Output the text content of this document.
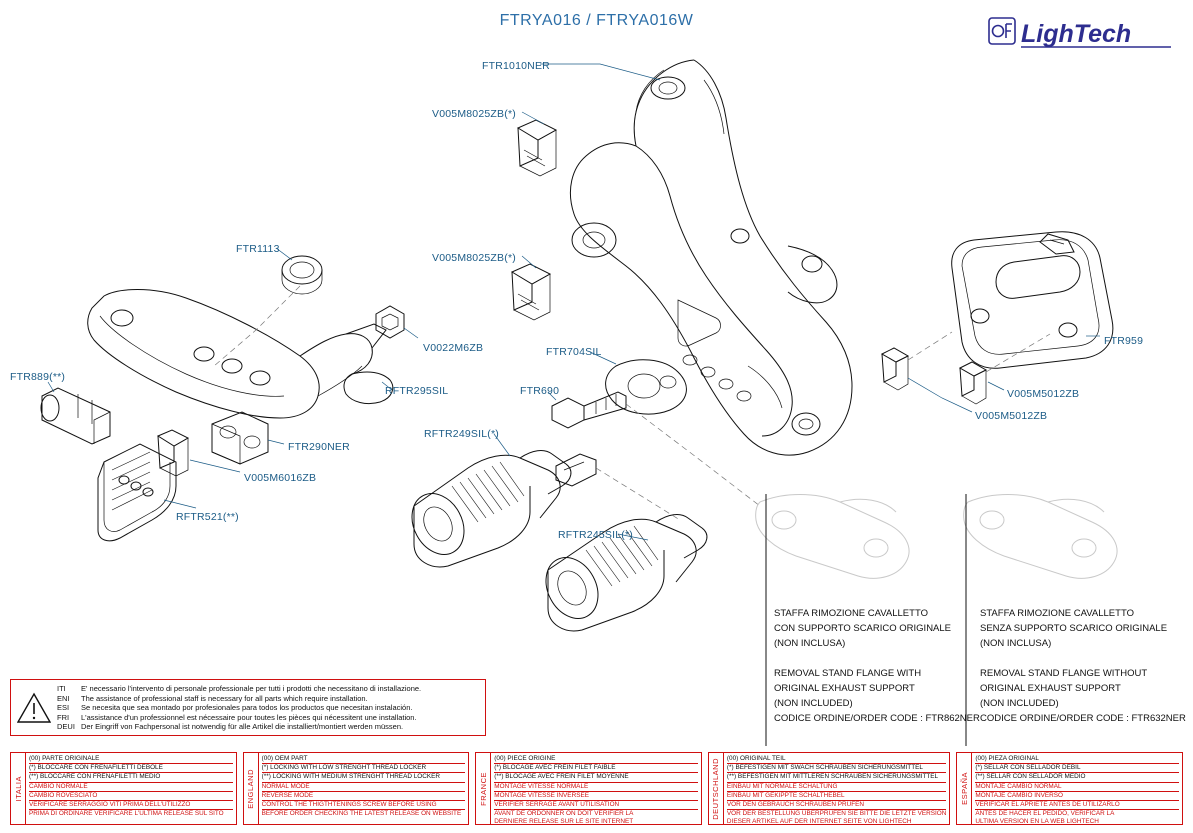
FTRYA016 / FTRYA016W	LighTech
FTR1010NER
V005M8025ZB(*)
V005M8025ZB(*)
FTR1113
V0022M6ZB
RFTR295SIL
FTR889(**)
FTR290NER
V005M6016ZB
RFTR521(**)
FTR704SIL
FTR690
RFTR249SIL(*)
RFTR245SIL(*)
FTR959
V005M5012ZB
V005M5012ZB
STAFFA RIMOZIONE CAVALLETTO
CON SUPPORTO SCARICO ORIGINALE
(NON INCLUSA)

REMOVAL STAND FLANGE WITH
ORIGINAL EXHAUST SUPPORT
(NON INCLUDED)
CODICE ORDINE/ORDER CODE : FTR862NER
STAFFA RIMOZIONE CAVALLETTO
SENZA SUPPORTO SCARICO ORIGINALE
(NON INCLUSA)

REMOVAL STAND FLANGE WITHOUT
ORIGINAL EXHAUST SUPPORT
(NON INCLUDED)
CODICE ORDINE/ORDER CODE : FTR632NER
ITI E' necessario l'intervento di personale professionale per tutti i prodotti che necessitano di installazione.
ENI The assistance of professional staff is necessary for all parts which require installation.
ESI Se necesita que sea montado por profesionales para todos los productos que necesitan instalación.
FRI L'assistance d'un professionnel est nécessaire pour toutes les pièces qui nécessitent une installation.
DEUI Der Eingriff von Fachpersonal ist notwendig für alle Artikel die installiert/montiert werden müssen.
ITALIA
(00) PARTE ORIGINALE
(*) BLOCCARE CON FRENAFILETTI DEBOLE
(**) BLOCCARE CON FRENAFILETTI MEDIO
CAMBIO NORMALE
CAMBIO ROVESCIATO
VERIFICARE SERRAGGIO VITI PRIMA DELL'UTILIZZO
PRIMA DI ORDINARE VERIFICARE L'ULTIMA RELEASE SUL SITO
ENGLAND
(00) OEM PART
(*) LOCKING WITH LOW STRENGHT THREAD LOCKER
(**) LOCKING WITH MEDIUM STRENGHT THREAD LOCKER
NORMAL MODE
REVERSE MODE
CONTROL THE THIGTHTENINGS SCREW BEFORE USING
BEFORE ORDER CHECKING THE LATEST RELEASE ON WEBSITE
FRANCE
(00) PIECE ORIGINE
(*) BLOCAGE AVEC FREIN FILET FAIBLE
(**) BLOCAGE AVEC FREIN FILET MOYENNE
MONTAGE VITESSE NORMALE
MONTAGE VITESSE INVERSEE
VERIFIER SERRAGE AVANT UTILISATION
AVANT DE ORDONNER ON DOIT VERIFIER LA
DERNIERE RELEASE SUR LE SITE INTERNET
DEUTSCHLAND (00) ORIGINAL TEIL
(*) BEFESTIGEN MIT SWACH SCHRAUBEN SICHERUNGSMITTEL
(**) BEFESTIGEN MIT MITTLEREN SCHRAUBEN SICHERUNGSMITTEL
EINBAU MIT NORMALE SCHALTUNG
EINBAU MIT GEKIPPTE SCHALTHEBEL
VOR DEN GEBRAUCH SCHRAUBEN PRÜFEN
VOR DER BESTELLUNG ÜBERPRÜFEN SIE BITTE DIE LETZTE VERSION
DIESER ARTIKEL AUF DER INTERNET SEITE VON LIGHTECH
ESPAÑA
(00) PIEZA ORIGINAL
(*) SELLAR CON SELLADOR DEBIL
(**) SELLAR CON SELLADOR MEDIO
MONTAJE CAMBIO NORMAL
MONTAJE CAMBIO INVERSO
VERIFICAR EL APRIETE ANTES DE UTILIZARLO
ANTES DE HACER EL PEDIDO, VERIFICAR LA
ULTIMA VERSION EN LA WEB LIGHTECH
